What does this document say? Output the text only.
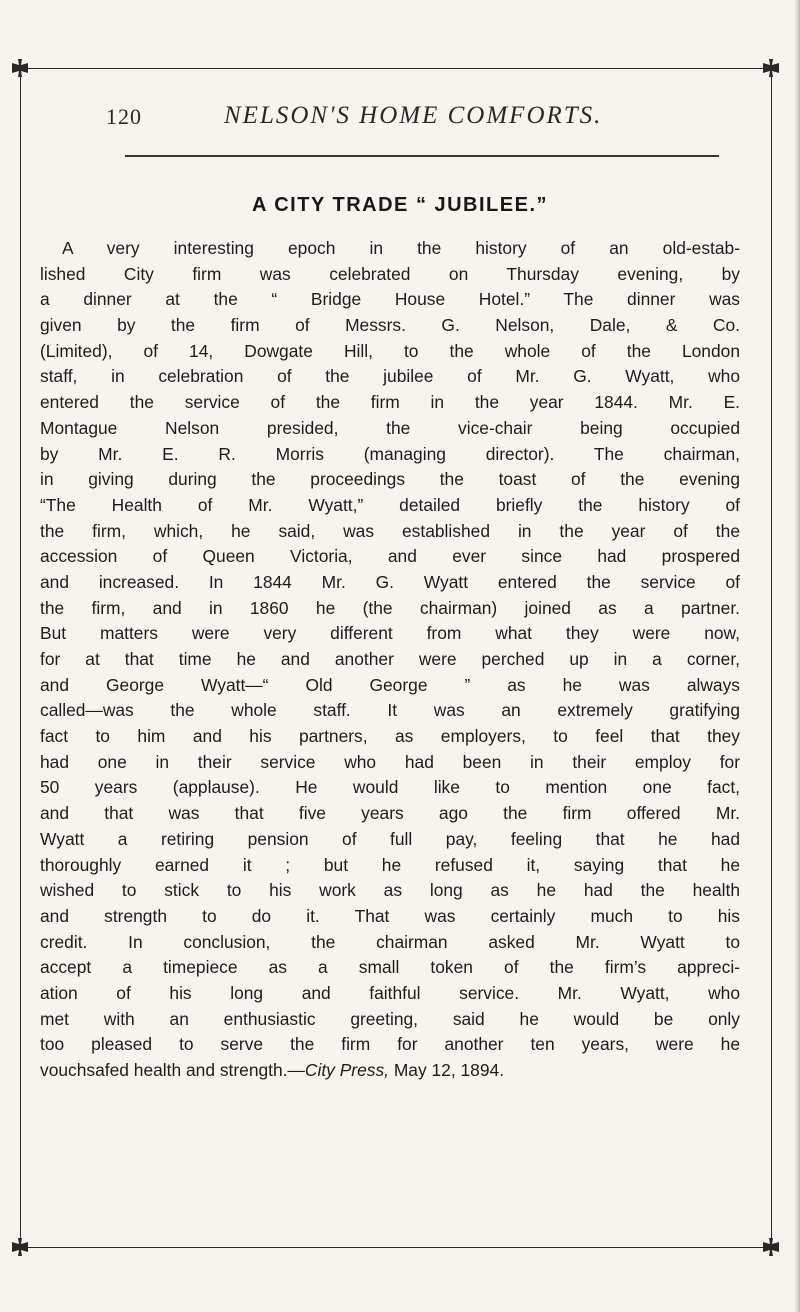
120	NELSON'S HOME COMFORTS.
A CITY TRADE “ JUBILEE.”
A very interesting epoch in the history of an old-estab-
lished City firm was celebrated on Thursday evening, by
a dinner at the “ Bridge House Hotel.” The dinner was
given by the firm of Messrs. G. Nelson, Dale, & Co.
(Limited), of 14, Dowgate Hill, to the whole of the London
staff, in celebration of the jubilee of Mr. G. Wyatt, who
entered the service of the firm in the year 1844. Mr. E.
Montague Nelson presided, the vice-chair being occupied
by Mr. E. R. Morris (managing director). The chairman,
in giving during the proceedings the toast of the evening
“The Health of Mr. Wyatt,” detailed briefly the history of
the firm, which, he said, was established in the year of the
accession of Queen Victoria, and ever since had prospered
and increased. In 1844 Mr. G. Wyatt entered the service of
the firm, and in 1860 he (the chairman) joined as a partner.
But matters were very different from what they were now,
for at that time he and another were perched up in a corner,
and George Wyatt—“ Old George ” as he was always
called—was the whole staff. It was an extremely gratifying
fact to him and his partners, as employers, to feel that they
had one in their service who had been in their employ for
50 years (applause). He would like to mention one fact,
and that was that five years ago the firm offered Mr.
Wyatt a retiring pension of full pay, feeling that he had
thoroughly earned it ; but he refused it, saying that he
wished to stick to his work as long as he had the health
and strength to do it. That was certainly much to his
credit. In conclusion, the chairman asked Mr. Wyatt to
accept a timepiece as a small token of the firm’s appreci-
ation of his long and faithful service. Mr. Wyatt, who
met with an enthusiastic greeting, said he would be only
too pleased to serve the firm for another ten years, were he
vouchsafed health and strength.—City Press, May 12, 1894.
